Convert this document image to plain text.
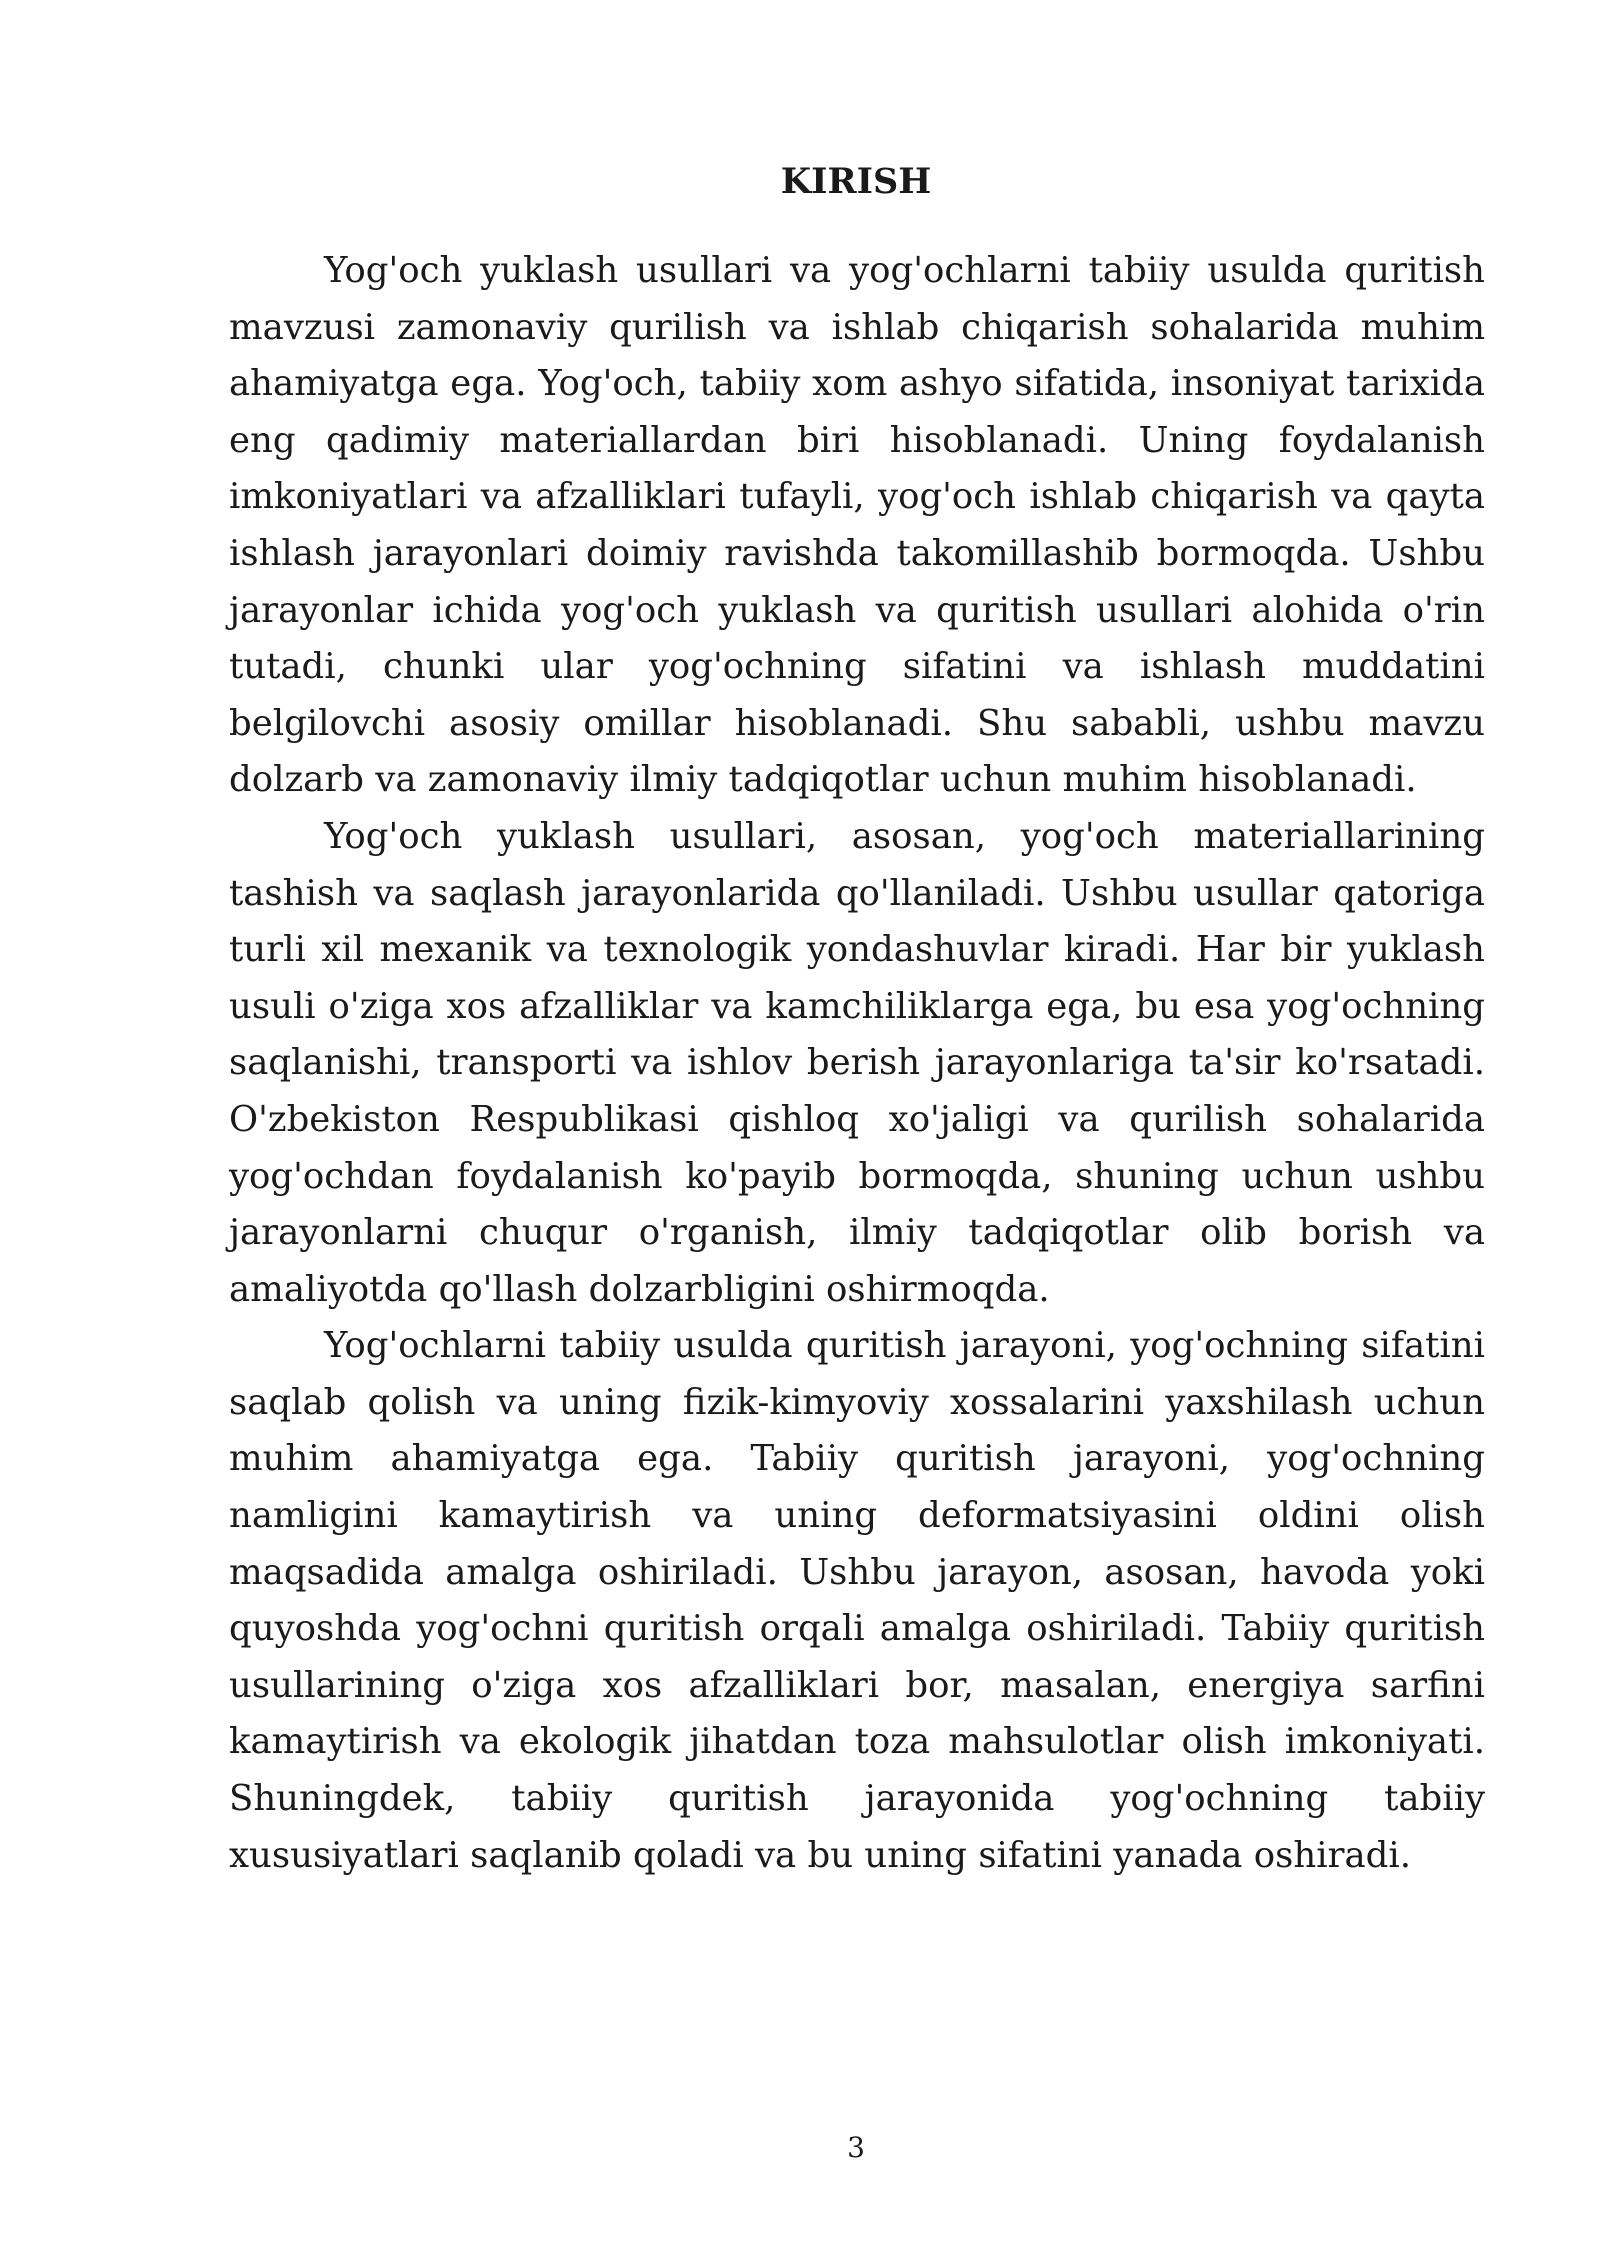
KIRISH

Yog'och yuklash usullari va yog'ochlarni tabiiy usulda quritish mavzusi zamonaviy qurilish va ishlab chiqarish sohalarida muhim ahamiyatga ega. Yog'och, tabiiy xom ashyo sifatida, insoniyat tarixida eng qadimiy materiallardan biri hisoblanadi. Uning foydalanish imkoniyatlari va afzalliklari tufayli, yog'och ishlab chiqarish va qayta ishlash jarayonlari doimiy ravishda takomillashib bormoqda. Ushbu jarayonlar ichida yog'och yuklash va quritish usullari alohida o'rin tutadi, chunki ular yog'ochning sifatini va ishlash muddatini belgilovchi asosiy omillar hisoblanadi. Shu sababli, ushbu mavzu dolzarb va zamonaviy ilmiy tadqiqotlar uchun muhim hisoblanadi.

Yog'och yuklash usullari, asosan, yog'och materiallarining tashish va saqlash jarayonlarida qo'llaniladi. Ushbu usullar qatoriga turli xil mexanik va texnologik yondashuvlar kiradi. Har bir yuklash usuli o'ziga xos afzalliklar va kamchiliklarga ega, bu esa yog'ochning saqlanishi, transporti va ishlov berish jarayonlariga ta'sir ko'rsatadi. O'zbekiston Respublikasi qishloq xo'jaligi va qurilish sohalarida yog'ochdan foydalanish ko'payib bormoqda, shuning uchun ushbu jarayonlarni chuqur o'rganish, ilmiy tadqiqotlar olib borish va amaliyotda qo'llash dolzarbligini oshirmoqda.

Yog'ochlarni tabiiy usulda quritish jarayoni, yog'ochning sifatini saqlab qolish va uning fizik-kimyoviy xossalarini yaxshilash uchun muhim ahamiyatga ega. Tabiiy quritish jarayoni, yog'ochning namligini kamaytirish va uning deformatsiyasini oldini olish maqsadida amalga oshiriladi. Ushbu jarayon, asosan, havoda yoki quyoshda yog'ochni quritish orqali amalga oshiriladi. Tabiiy quritish usullarining o'ziga xos afzalliklari bor, masalan, energiya sarfini kamaytirish va ekologik jihatdan toza mahsulotlar olish imkoniyati. Shuningdek, tabiiy quritish jarayonida yog'ochning tabiiy xususiyatlari saqlanib qoladi va bu uning sifatini yanada oshiradi.

3
